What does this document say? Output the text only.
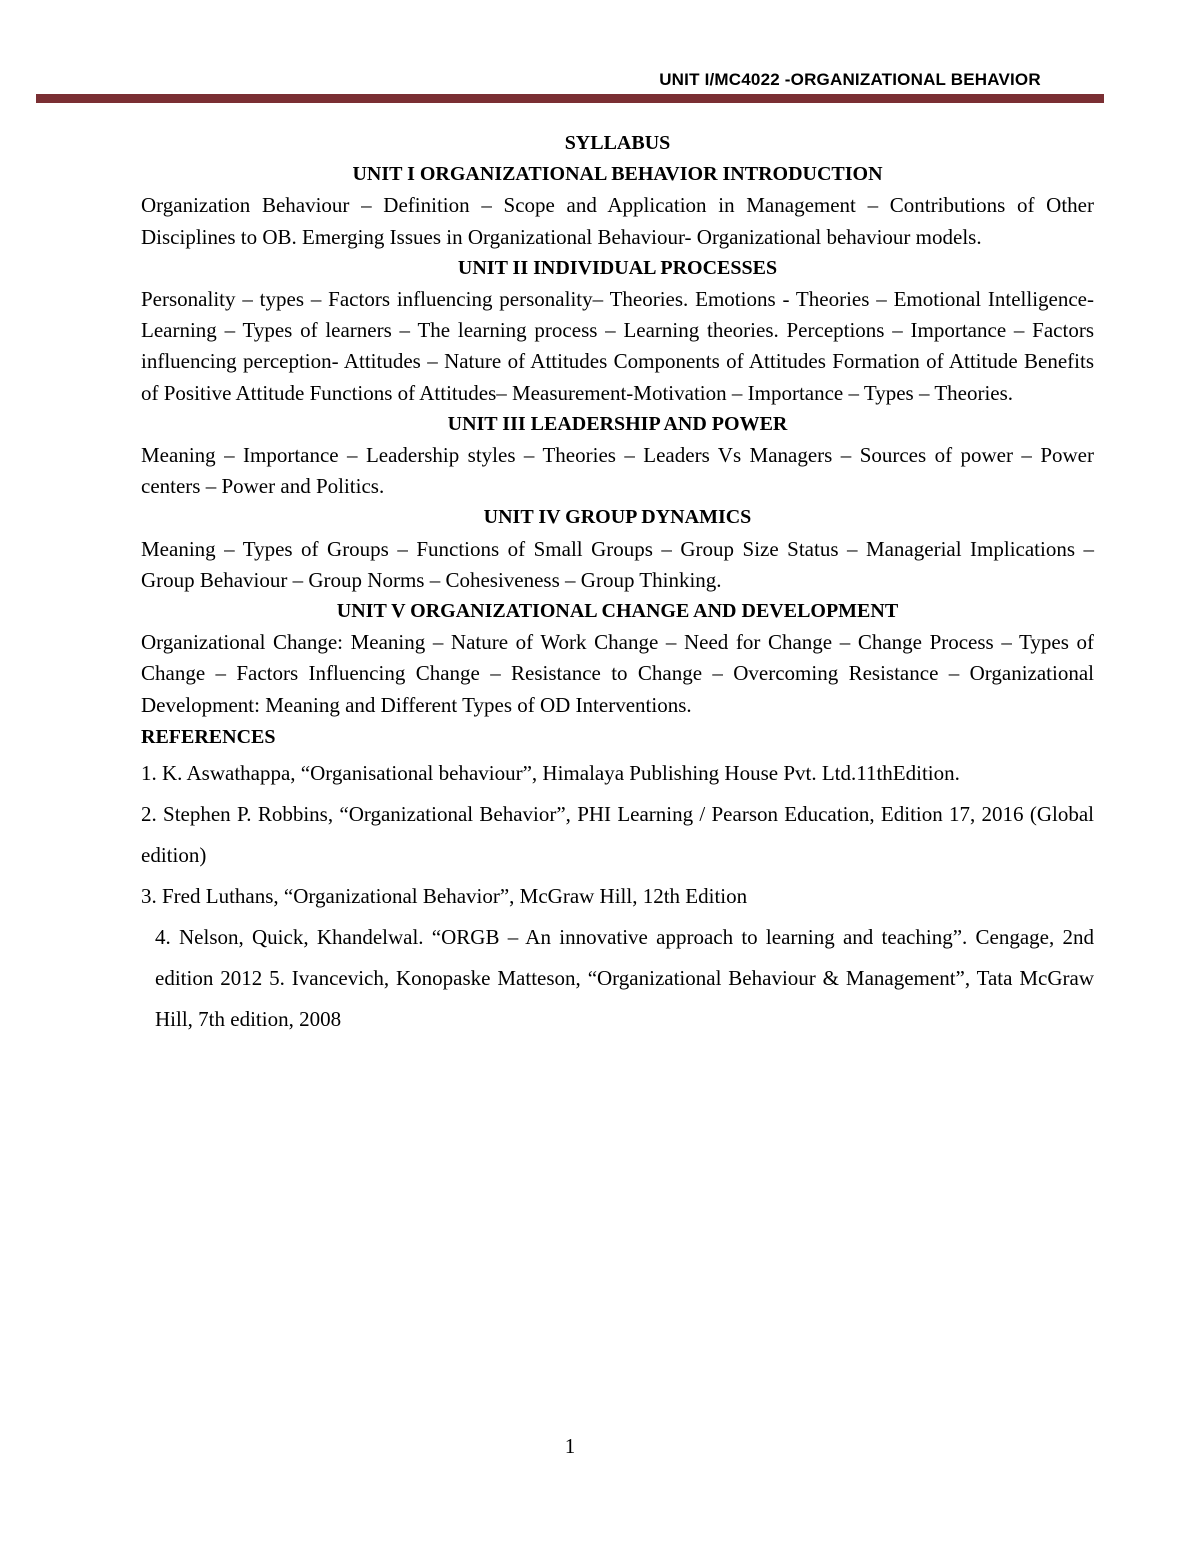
UNIT I/MC4022 -ORGANIZATIONAL BEHAVIOR
SYLLABUS
UNIT I ORGANIZATIONAL BEHAVIOR INTRODUCTION
Organization Behaviour – Definition – Scope and Application in Management – Contributions of Other Disciplines to OB. Emerging Issues in Organizational Behaviour- Organizational behaviour models.
UNIT II INDIVIDUAL PROCESSES
Personality – types – Factors influencing personality– Theories. Emotions - Theories – Emotional Intelligence- Learning – Types of learners – The learning process – Learning theories. Perceptions – Importance – Factors influencing perception- Attitudes – Nature of Attitudes Components of Attitudes Formation of Attitude Benefits of Positive Attitude Functions of Attitudes– Measurement-Motivation – Importance – Types – Theories.
UNIT III LEADERSHIP AND POWER
Meaning – Importance – Leadership styles – Theories – Leaders Vs Managers – Sources of power – Power centers – Power and Politics.
UNIT IV GROUP DYNAMICS
Meaning – Types of Groups – Functions of Small Groups – Group Size Status – Managerial Implications – Group Behaviour – Group Norms – Cohesiveness – Group Thinking.
UNIT V ORGANIZATIONAL CHANGE AND DEVELOPMENT
Organizational Change: Meaning – Nature of Work Change – Need for Change – Change Process – Types of Change – Factors Influencing Change – Resistance to Change – Overcoming Resistance – Organizational Development: Meaning and Different Types of OD Interventions.
REFERENCES
1. K. Aswathappa, “Organisational behaviour”, Himalaya Publishing House Pvt. Ltd.11thEdition.
2. Stephen P. Robbins, “Organizational Behavior”, PHI Learning / Pearson Education, Edition 17, 2016 (Global edition)
3. Fred Luthans, “Organizational Behavior”, McGraw Hill, 12th Edition
4. Nelson, Quick, Khandelwal. “ORGB – An innovative approach to learning and teaching”. Cengage, 2nd edition 2012 5. Ivancevich, Konopaske Matteson, “Organizational Behaviour & Management”, Tata McGraw Hill, 7th edition, 2008
1
